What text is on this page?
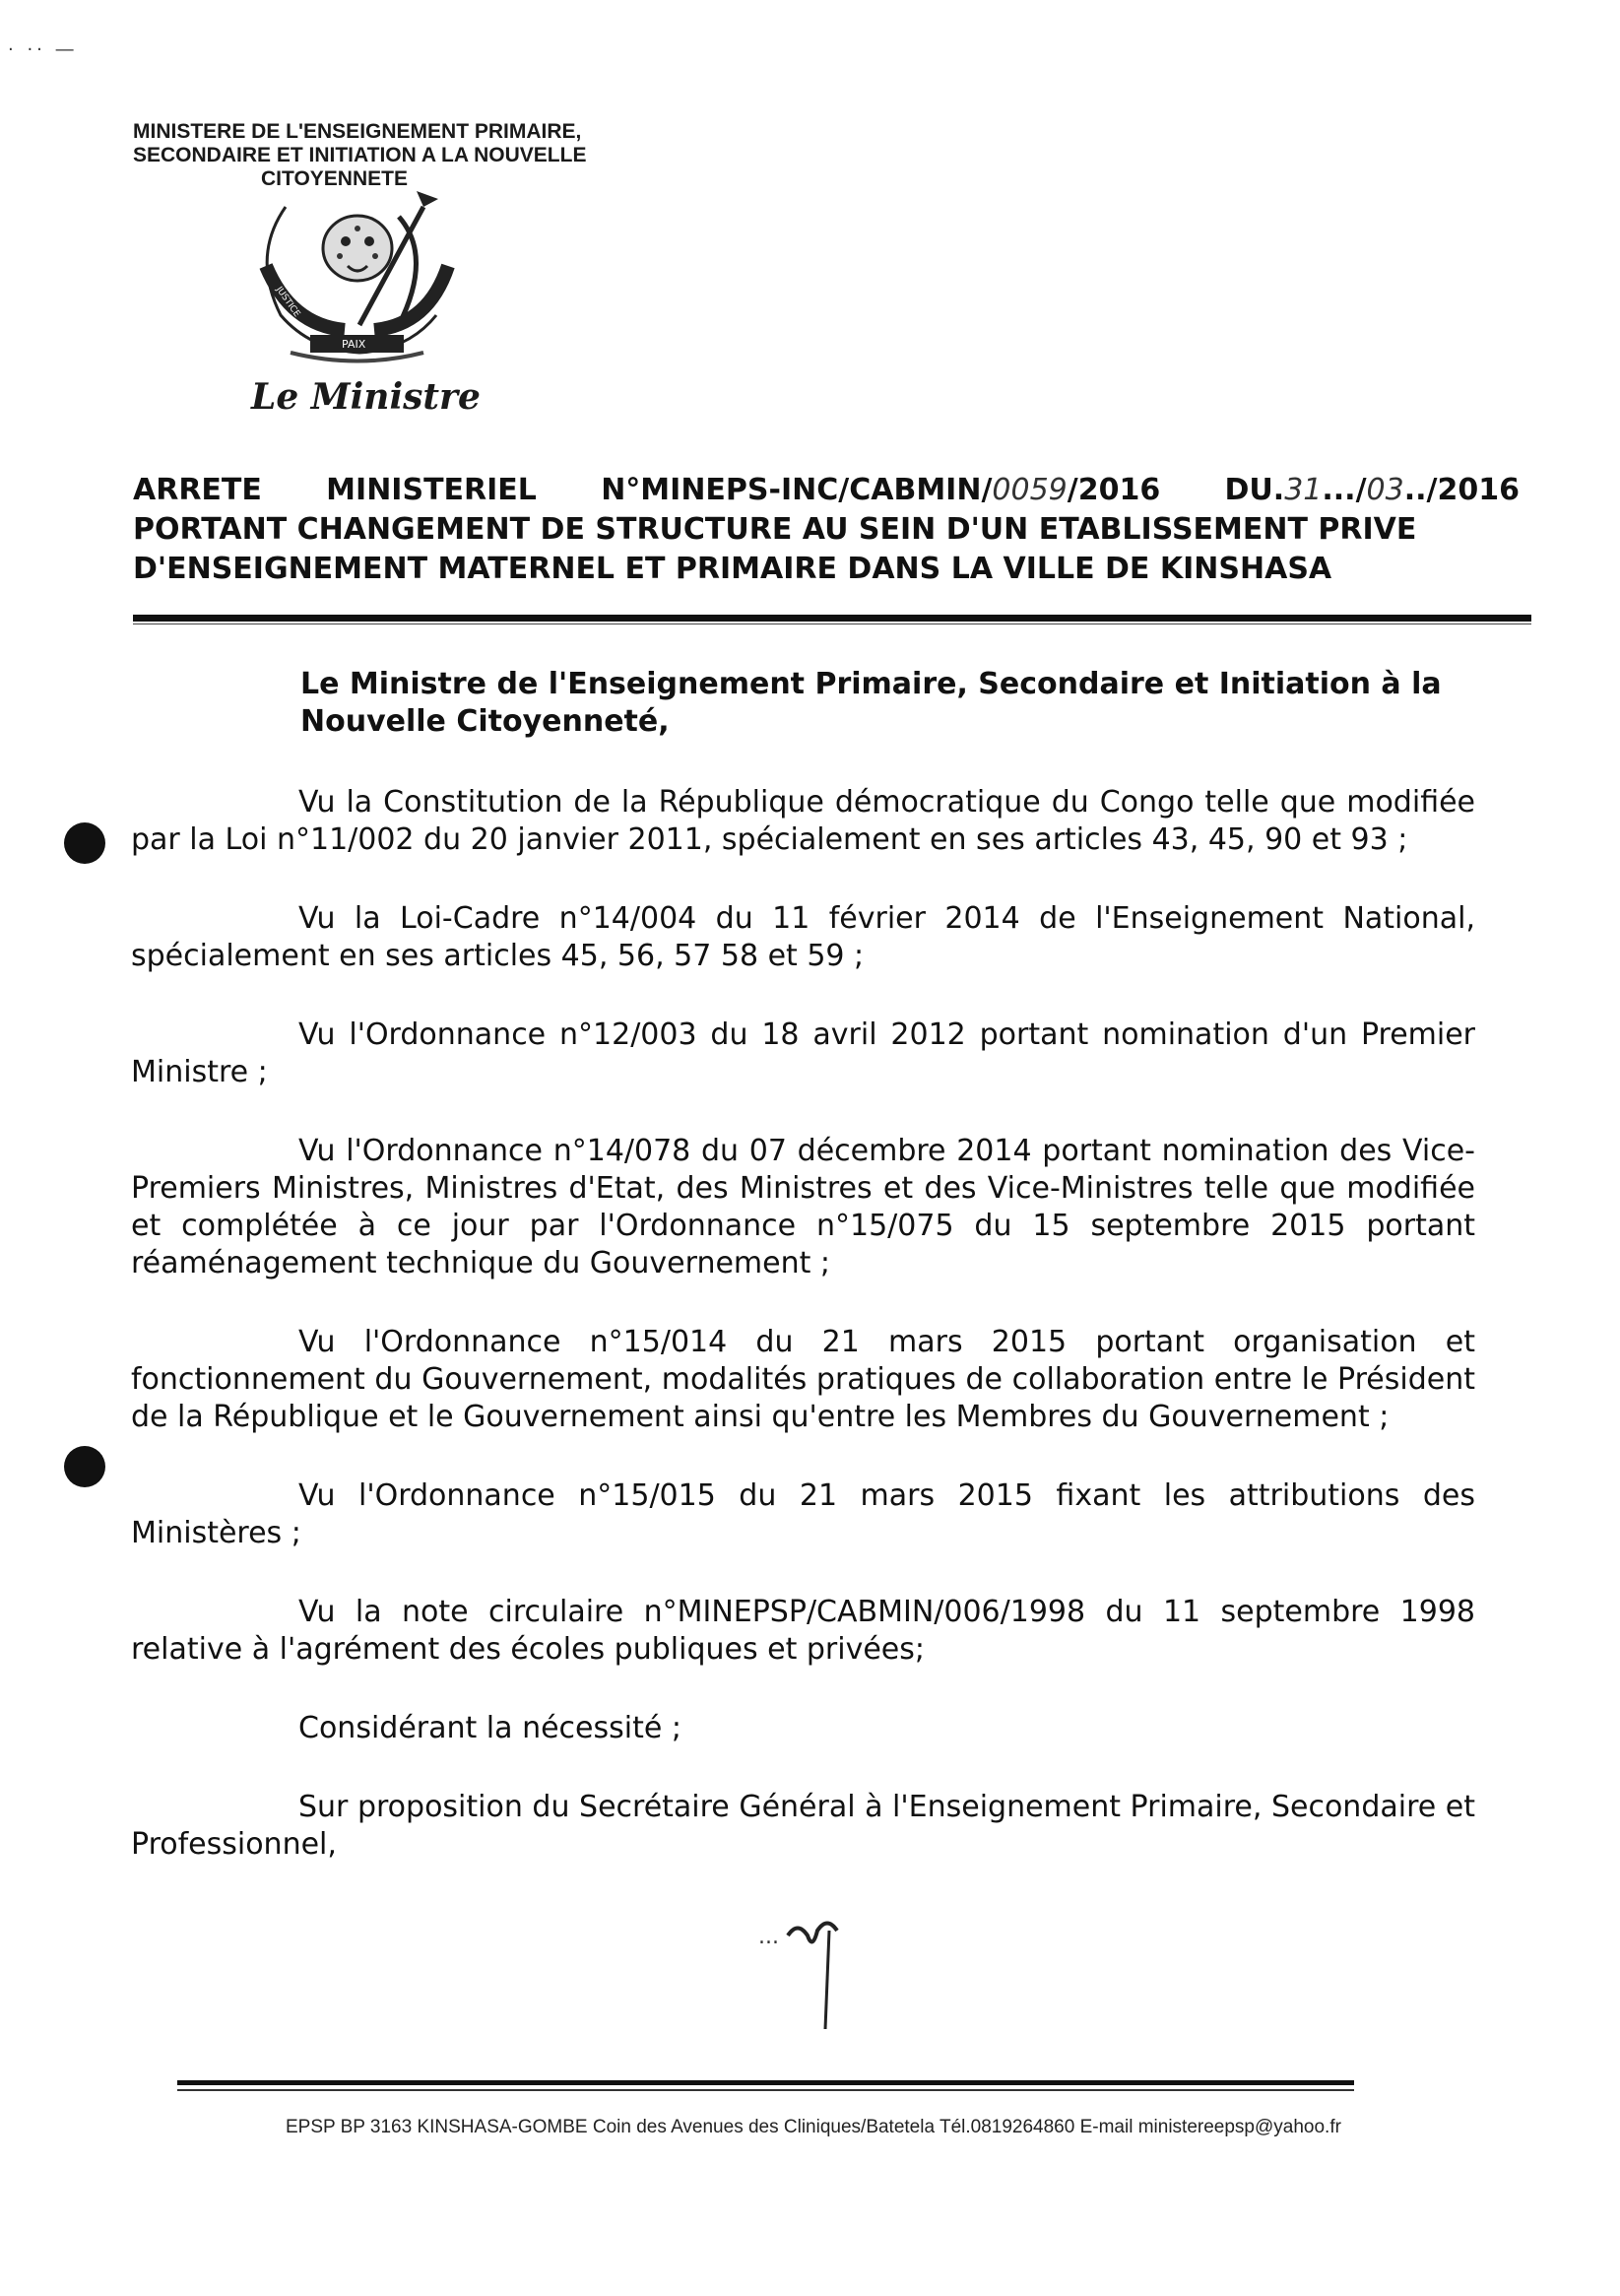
· ·· ―
MINISTERE DE L'ENSEIGNEMENT PRIMAIRE,
SECONDAIRE ET INITIATION A LA NOUVELLE
CITOYENNETE
JUSTICE
TRAVAIL
PAIX
Le Ministre
ARRETE MINISTERIEL N°MINEPS-INC/CABMIN/0059/2016 DU.31.../03../2016
PORTANT CHANGEMENT DE STRUCTURE AU SEIN D'UN ETABLISSEMENT PRIVE
D'ENSEIGNEMENT MATERNEL ET PRIMAIRE DANS LA VILLE DE KINSHASA
Le Ministre de l'Enseignement Primaire, Secondaire et Initiation à la Nouvelle Citoyenneté,
Vu la Constitution de la République démocratique du Congo telle que modifiée par la Loi n°11/002 du 20 janvier 2011, spécialement en ses articles 43, 45, 90 et 93 ;
Vu la Loi-Cadre n°14/004 du 11 février 2014 de l'Enseignement National, spécialement en ses articles 45, 56, 57 58 et 59 ;
Vu l'Ordonnance n°12/003 du 18 avril 2012 portant nomination d'un Premier Ministre ;
Vu l'Ordonnance n°14/078 du 07 décembre 2014 portant nomination des Vice-Premiers Ministres, Ministres d'Etat, des Ministres et des Vice-Ministres telle que modifiée et complétée à ce jour par l'Ordonnance n°15/075 du 15 septembre 2015 portant réaménagement technique du Gouvernement ;
Vu l'Ordonnance n°15/014 du 21 mars 2015 portant organisation et fonctionnement du Gouvernement, modalités pratiques de collaboration entre le Président de la République et le Gouvernement ainsi qu'entre les Membres du Gouvernement ;
Vu l'Ordonnance n°15/015 du 21 mars 2015 fixant les attributions des Ministères ;
Vu la note circulaire n°MINEPSP/CABMIN/006/1998 du 11 septembre 1998 relative à l'agrément des écoles publiques et privées;
Considérant la nécessité ;
Sur proposition du Secrétaire Général à l'Enseignement Primaire, Secondaire et Professionnel,
...
EPSP BP 3163 KINSHASA-GOMBE Coin des Avenues des Cliniques/Batetela Tél.0819264860 E-mail ministereepsp@yahoo.fr
